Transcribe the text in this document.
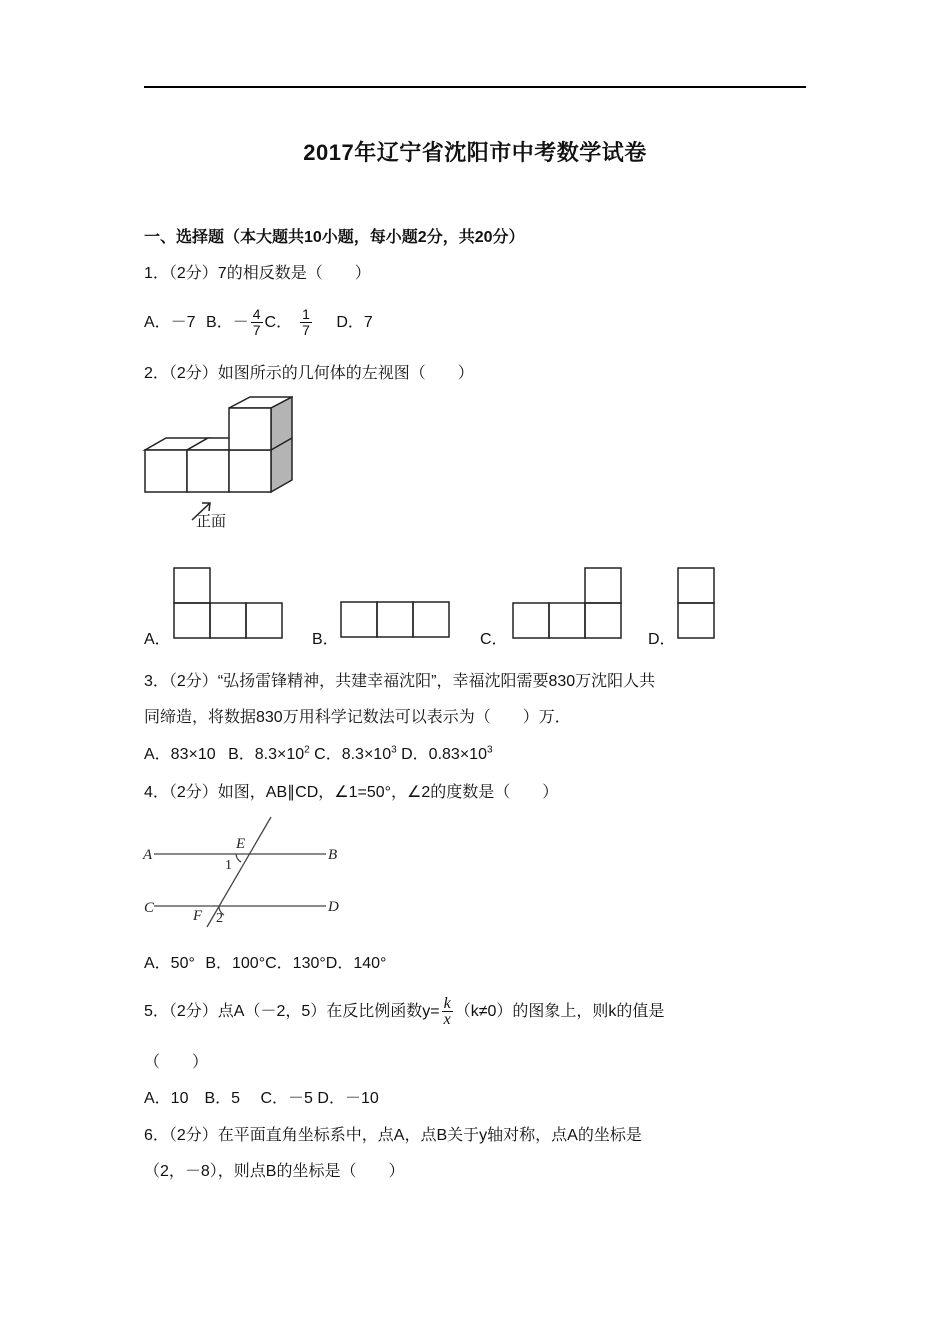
2017年辽宁省沈阳市中考数学试卷
一、选择题（本大题共10小题，每小题2分，共20分）
1．（2分）7的相反数是（　　）
A．－7 B．－ $\frac{4}{7}$ C． $\frac{1}{7}$ D．7
2．（2分）如图所示的几何体的左视图（　　）
正面
A．	B．	C．	D．
3．（2分）“弘扬雷锋精神，共建幸福沈阳”，幸福沈阳需要830万沈阳人共
同缔造，将数据830万用科学记数法可以表示为（　　）万．
A．83×10 B．$8.3\times 10^2$ C．$8.3\times 10^3$ D．$0.83\times 10^3$
4．（2分）如图，AB∥CD，∠1=50°，∠2的度数是（　　）
A	B
C	D
E
F
1
2
A．50° B．100°C．130°D．140°
5．（2分）点A（－2，5）在反比例函数$y= \frac{k}{x} (k\ne 0)$的图象上，则k的值是
（　　）
A．10　B．5　 C．－5 D．－10
6．（2分）在平面直角坐标系中，点A，点B关于y轴对称，点A的坐标是
（2，－8），则点B的坐标是（　　）
